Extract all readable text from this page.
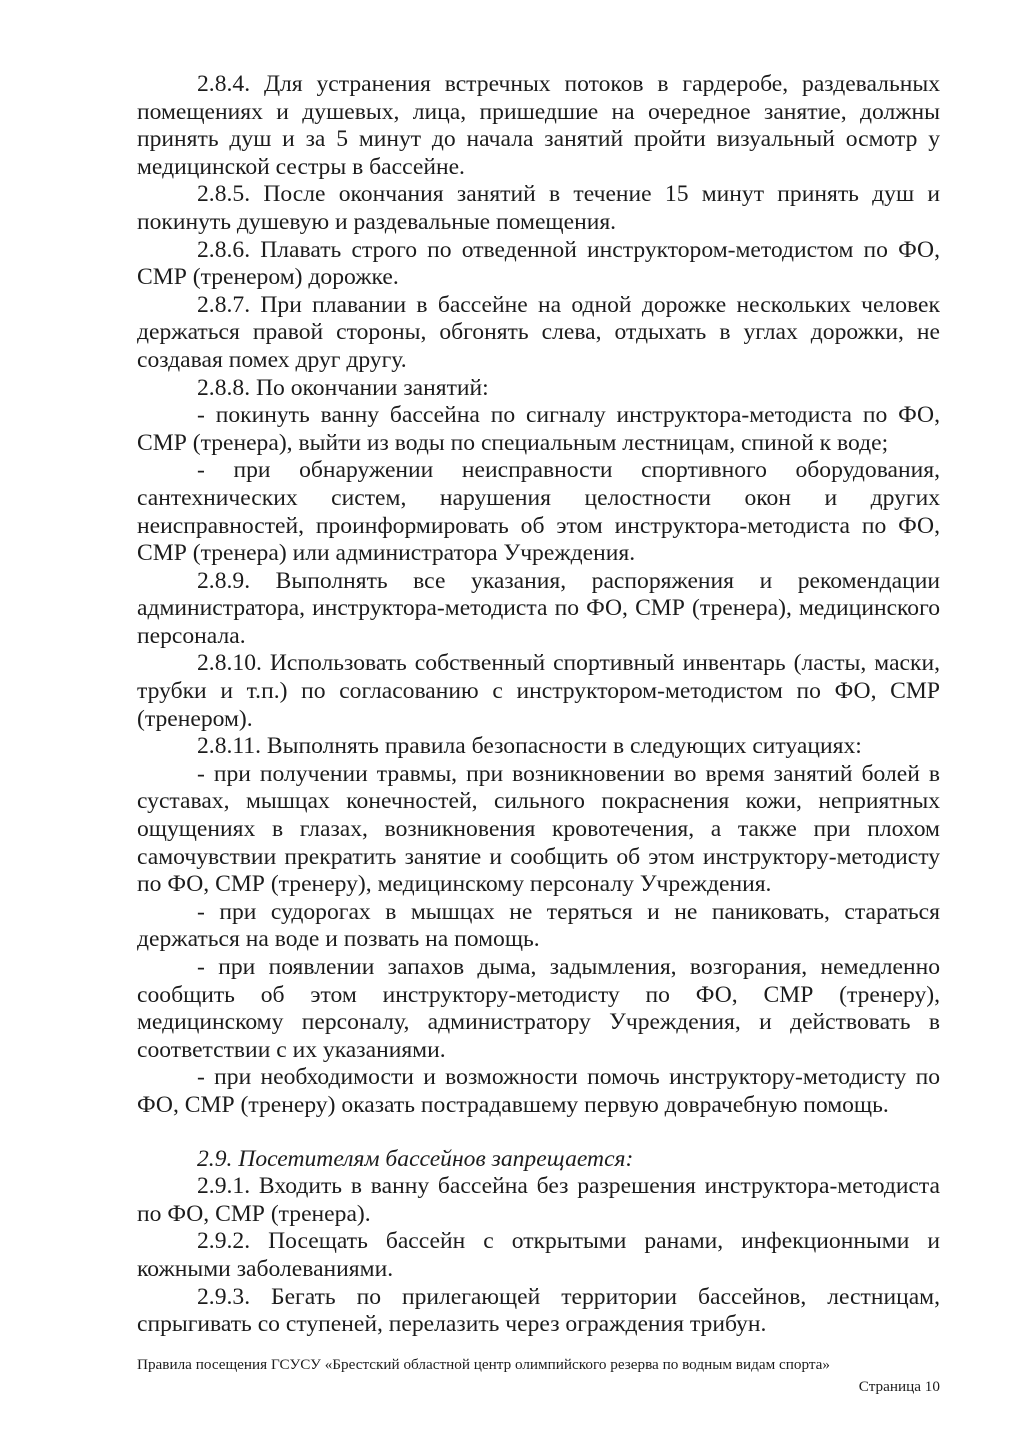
2.8.4. Для устранения встречных потоков в гардеробе, раздевальных помещениях и душевых, лица, пришедшие на очередное занятие, должны принять душ и за 5 минут до начала занятий пройти визуальный осмотр у медицинской сестры в бассейне.

2.8.5. После окончания занятий в течение 15 минут принять душ и покинуть душевую и раздевальные помещения.

2.8.6. Плавать строго по отведенной инструктором-методистом по ФО, СМР (тренером) дорожке.

2.8.7. При плавании в бассейне на одной дорожке нескольких человек держаться правой стороны, обгонять слева, отдыхать в углах дорожки, не создавая помех друг другу.

2.8.8. По окончании занятий:

- покинуть ванну бассейна по сигналу инструктора-методиста по ФО, СМР (тренера), выйти из воды по специальным лестницам, спиной к воде;

- при обнаружении неисправности спортивного оборудования, сантехнических систем, нарушения целостности окон и других неисправностей, проинформировать об этом инструктора-методиста по ФО, СМР (тренера) или администратора Учреждения.

2.8.9. Выполнять все указания, распоряжения и рекомендации администратора, инструктора-методиста по ФО, СМР (тренера), медицинского персонала.

2.8.10. Использовать собственный спортивный инвентарь (ласты, маски, трубки и т.п.) по согласованию с инструктором-методистом по ФО, СМР (тренером).

2.8.11. Выполнять правила безопасности в следующих ситуациях:

- при получении травмы, при возникновении во время занятий болей в суставах, мышцах конечностей, сильного покраснения кожи, неприятных ощущениях в глазах, возникновения кровотечения, а также при плохом самочувствии прекратить занятие и сообщить об этом инструктору-методисту по ФО, СМР (тренеру), медицинскому персоналу Учреждения.

- при судорогах в мышцах не теряться и не паниковать, стараться держаться на воде и позвать на помощь.

- при появлении запахов дыма, задымления, возгорания, немедленно сообщить об этом инструктору-методисту по ФО, СМР (тренеру), медицинскому персоналу, администратору Учреждения, и действовать в соответствии с их указаниями.

- при необходимости и возможности помочь инструктору-методисту по ФО, СМР (тренеру) оказать пострадавшему первую доврачебную помощь.

2.9. Посетителям бассейнов запрещается:

2.9.1. Входить в ванну бассейна без разрешения инструктора-методиста по ФО, СМР (тренера).

2.9.2. Посещать бассейн с открытыми ранами, инфекционными и кожными заболеваниями.

2.9.3. Бегать по прилегающей территории бассейнов, лестницам, спрыгивать со ступеней, перелазить через ограждения трибун.

Правила посещения ГСУСУ «Брестский областной центр олимпийского резерва по водным видам спорта»
Страница 10
